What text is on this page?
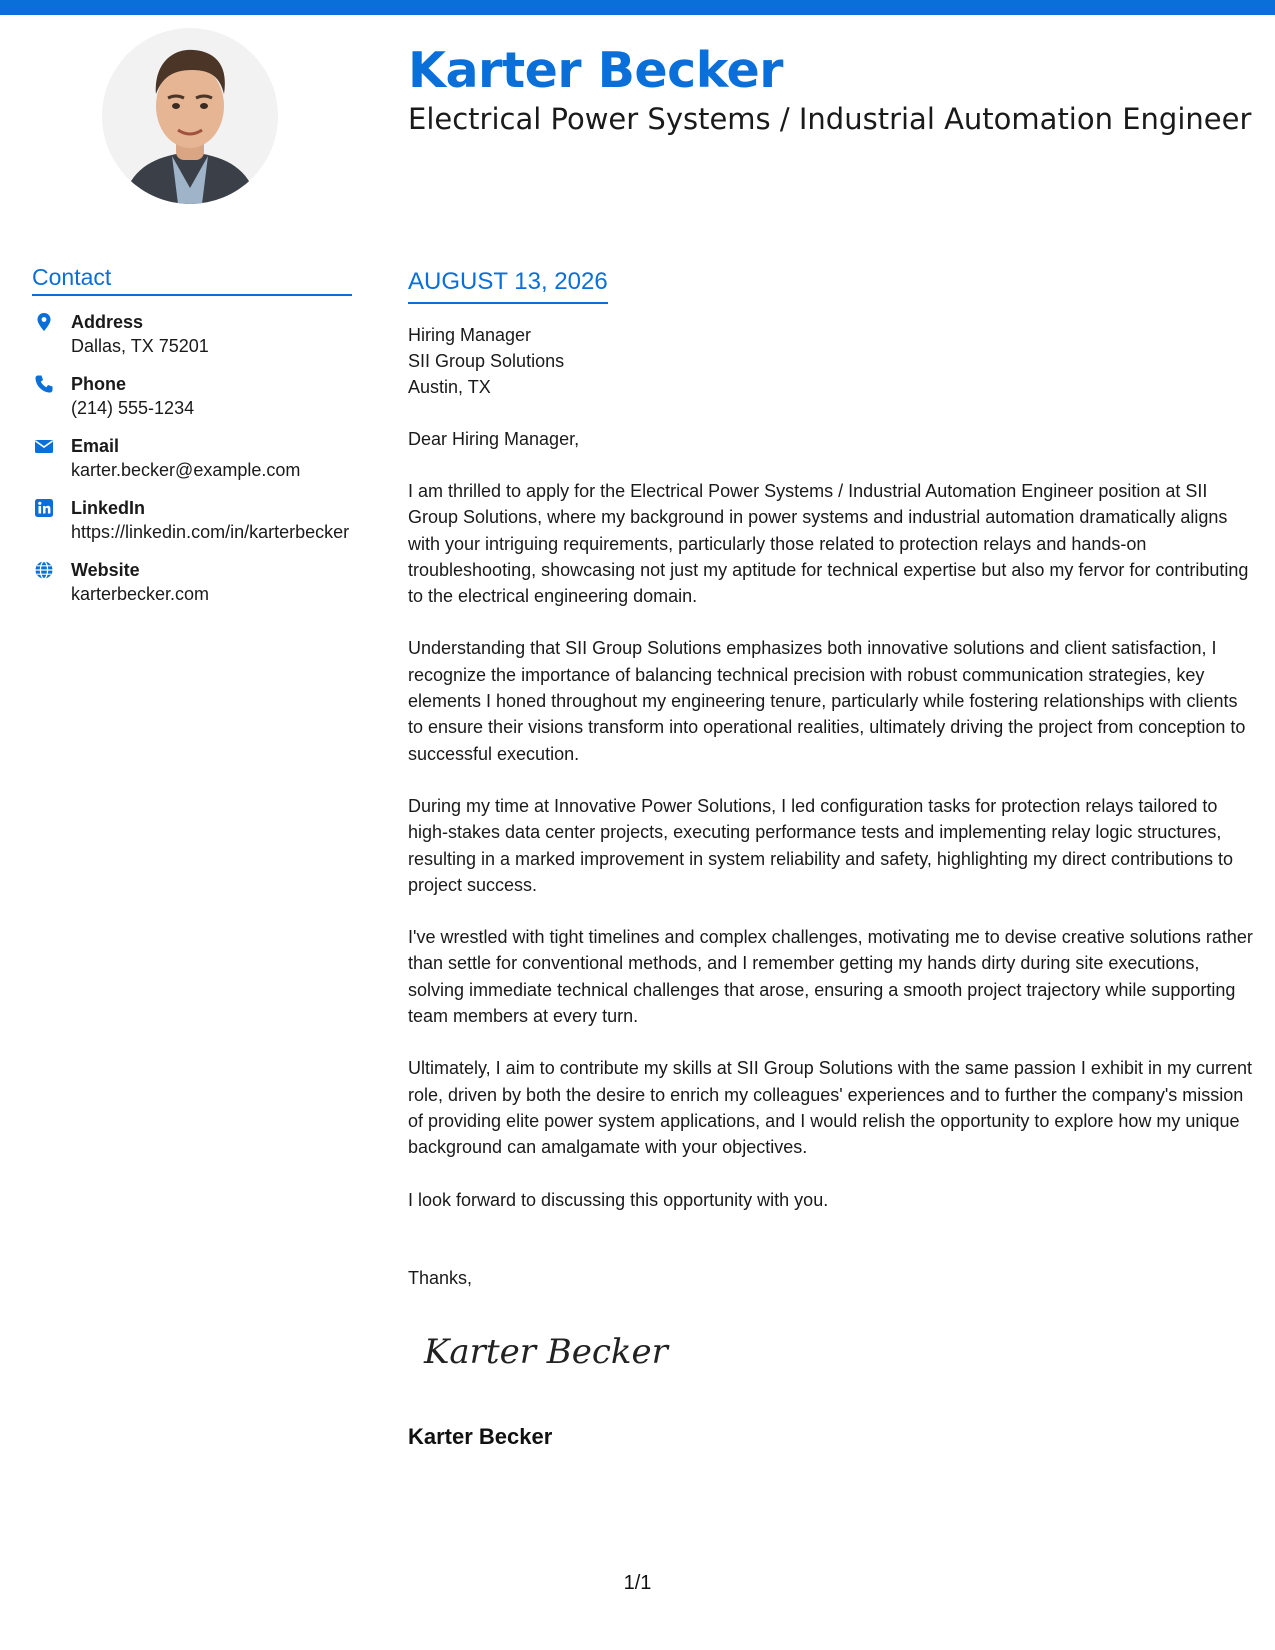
Karter Becker
Electrical Power Systems / Industrial Automation Engineer
Contact
Address
Dallas, TX 75201
Phone
(214) 555-1234
Email
karter.becker@example.com
LinkedIn
https://linkedin.com/in/karterbecker
Website
karterbecker.com
AUGUST 13, 2026
Hiring Manager
SII Group Solutions
Austin, TX
Dear Hiring Manager,
I am thrilled to apply for the Electrical Power Systems / Industrial Automation Engineer position at SII Group Solutions, where my background in power systems and industrial automation dramatically aligns with your intriguing requirements, particularly those related to protection relays and hands-on troubleshooting, showcasing not just my aptitude for technical expertise but also my fervor for contributing to the electrical engineering domain.
Understanding that SII Group Solutions emphasizes both innovative solutions and client satisfaction, I recognize the importance of balancing technical precision with robust communication strategies, key elements I honed throughout my engineering tenure, particularly while fostering relationships with clients to ensure their visions transform into operational realities, ultimately driving the project from conception to successful execution.
During my time at Innovative Power Solutions, I led configuration tasks for protection relays tailored to high-stakes data center projects, executing performance tests and implementing relay logic structures, resulting in a marked improvement in system reliability and safety, highlighting my direct contributions to project success.
I've wrestled with tight timelines and complex challenges, motivating me to devise creative solutions rather than settle for conventional methods, and I remember getting my hands dirty during site executions, solving immediate technical challenges that arose, ensuring a smooth project trajectory while supporting team members at every turn.
Ultimately, I aim to contribute my skills at SII Group Solutions with the same passion I exhibit in my current role, driven by both the desire to enrich my colleagues' experiences and to further the company's mission of providing elite power system applications, and I would relish the opportunity to explore how my unique background can amalgamate with your objectives.
I look forward to discussing this opportunity with you.
Thanks,
Karter Becker
Karter Becker
1/1
